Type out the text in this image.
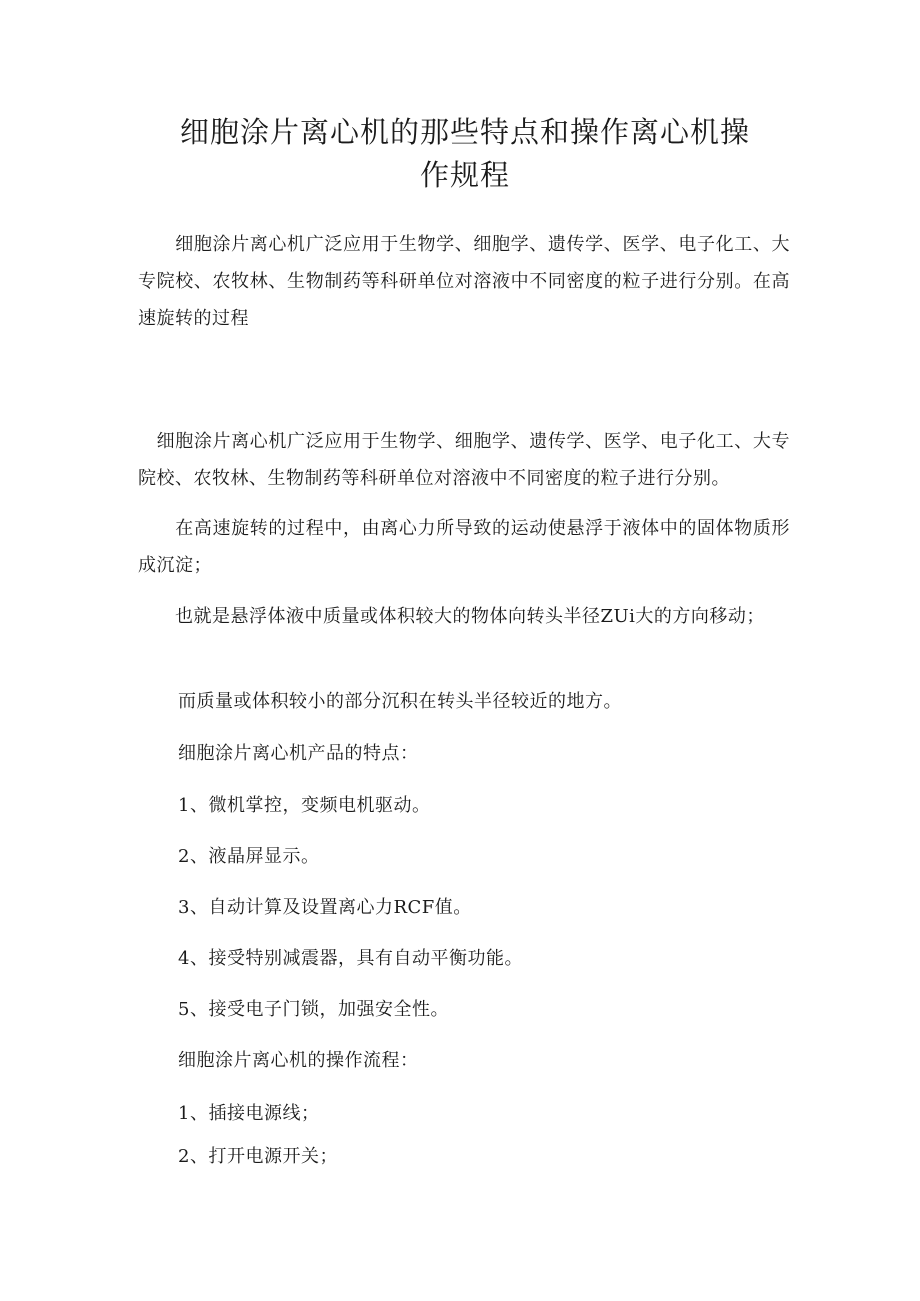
细胞涂片离心机的那些特点和操作离心机操
作规程

　　细胞涂片离心机广泛应用于生物学、细胞学、遗传学、医学、电子化工、大专院校、农牧林、生物制药等科研单位对溶液中不同密度的粒子进行分别。在高速旋转的过程

　细胞涂片离心机广泛应用于生物学、细胞学、遗传学、医学、电子化工、大专院校、农牧林、生物制药等科研单位对溶液中不同密度的粒子进行分别。

　　在高速旋转的过程中，由离心力所导致的运动使悬浮于液体中的固体物质形成沉淀；

　　也就是悬浮体液中质量或体积较大的物体向转头半径ZUi大的方向移动；

而质量或体积较小的部分沉积在转头半径较近的地方。

细胞涂片离心机产品的特点：

1、微机掌控，变频电机驱动。

2、液晶屏显示。

3、自动计算及设置离心力RCF值。

4、接受特别减震器，具有自动平衡功能。

5、接受电子门锁，加强安全性。

细胞涂片离心机的操作流程：

1、插接电源线；

2、打开电源开关；
